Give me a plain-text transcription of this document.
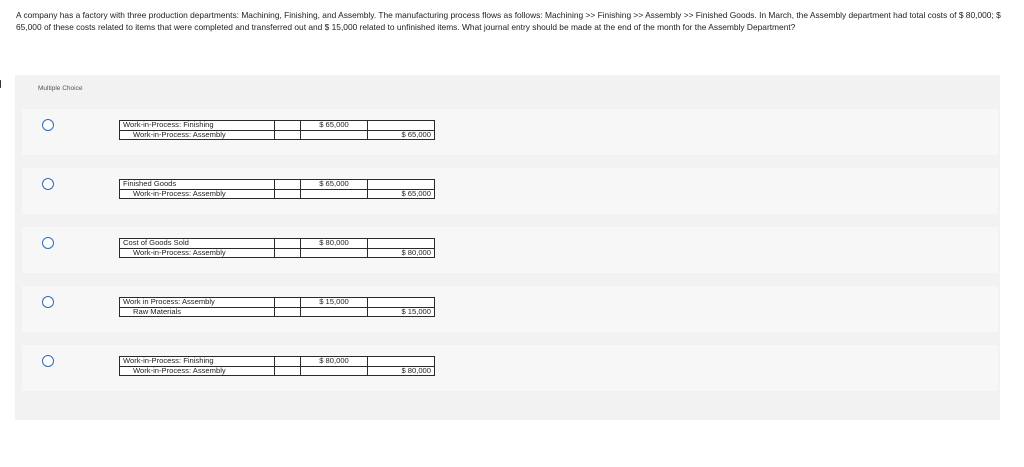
A company has a factory with three production departments: Machining, Finishing, and Assembly. The manufacturing process flows as follows: Machining >> Finishing >> Assembly >> Finished Goods. In March, the Assembly department had total costs of $ 80,000; $ 65,000 of these costs related to items that were completed and transferred out and $ 15,000 related to unfinished items. What journal entry should be made at the end of the month for the Assembly Department?
Multiple Choice
Work-in-Process: Finishing		$ 65,000	
Work-in-Process: Assembly			$ 65,000
Finished Goods		$ 65,000	
Work-in-Process: Assembly			$ 65,000
Cost of Goods Sold		$ 80,000	
Work-in-Process: Assembly			$ 80,000
Work in Process: Assembly		$ 15,000	
Raw Materials			$ 15,000
Work-in-Process: Finishing		$ 80,000	
Work-in-Process: Assembly			$ 80,000
